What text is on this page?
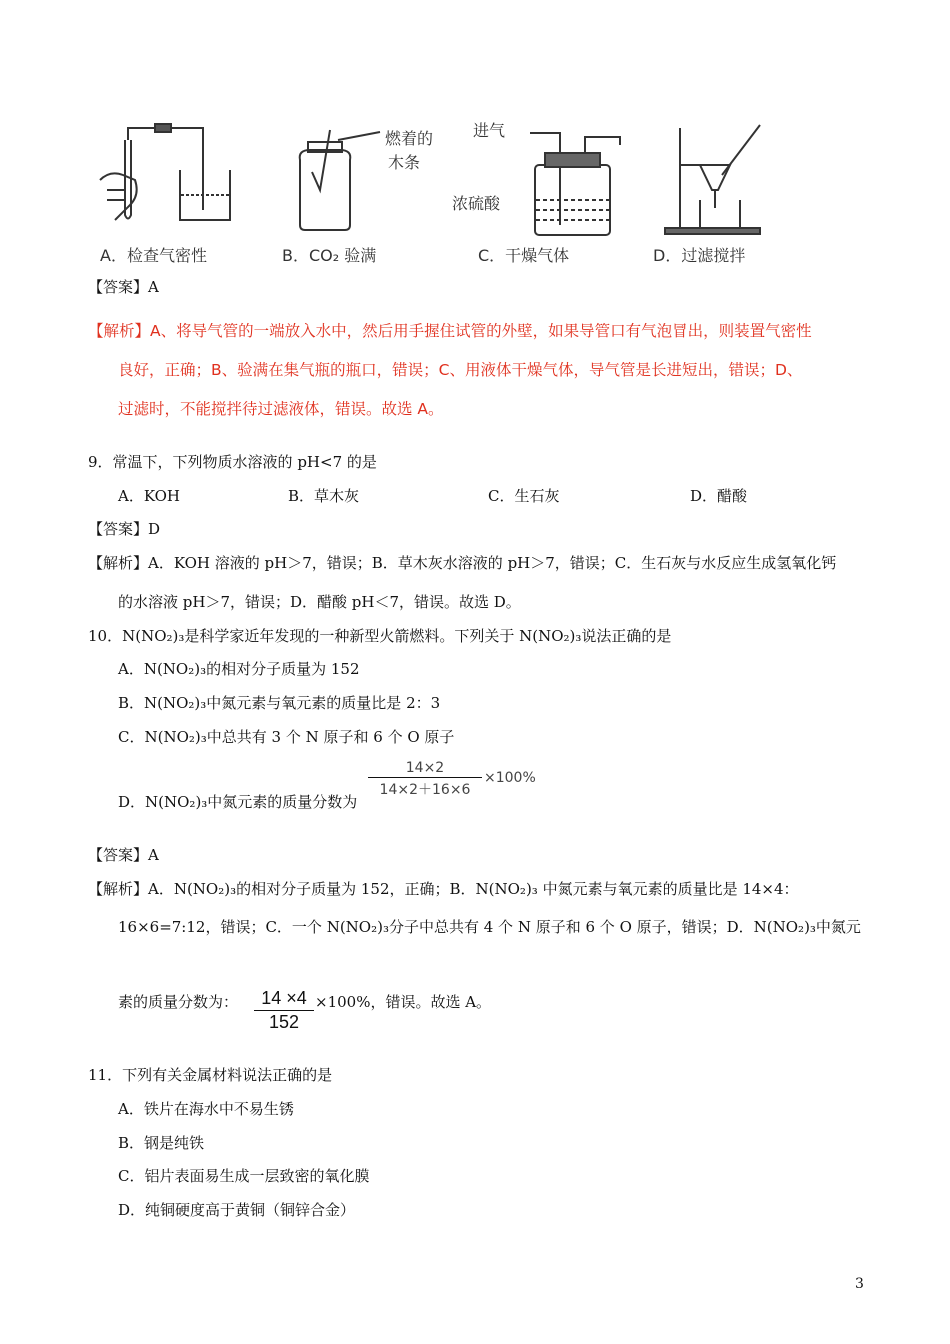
A．检查气密性
燃着的
木条
B．CO₂ 验满
进气
浓硫酸
C．干燥气体	D．过滤搅拌
【答案】A
【解析】A、将导气管的一端放入水中，然后用手握住试管的外壁，如果导管口有气泡冒出，则装置气密性
良好，正确；B、验满在集气瓶的瓶口，错误；C、用液体干燥气体，导气管是长进短出，错误；D、
过滤时，不能搅拌待过滤液体，错误。故选 A。
9．常温下，下列物质水溶液的 pH<7 的是
A．KOH	B．草木灰	C．生石灰	D．醋酸
【答案】D
【解析】A．KOH 溶液的 pH＞7，错误；B．草木灰水溶液的 pH＞7，错误；C．生石灰与水反应生成氢氧化钙
的水溶液 pH＞7，错误；D．醋酸 pH＜7，错误。故选 D。
10．N(NO₂)₃是科学家近年发现的一种新型火箭燃料。下列关于 N(NO₂)₃说法正确的是
A．N(NO₂)₃的相对分子质量为 152
B．N(NO₂)₃中氮元素与氧元素的质量比是 2：3
C．N(NO₂)₃中总共有 3 个 N 原子和 6 个 O 原子
D．N(NO₂)₃中氮元素的质量分数为
14×2
14×2＋16×6
×100%
【答案】A
【解析】A．N(NO₂)₃的相对分子质量为 152，正确；B．N(NO₂)₃ 中氮元素与氧元素的质量比是 14×4：
16×6=7:12，错误；C．一个 N(NO₂)₃分子中总共有 4 个 N 原子和 6 个 O 原子，错误；D．N(NO₂)₃中氮元
素的质量分数为：	14 ×4
152
×100%，错误。故选 A。
11．下列有关金属材料说法正确的是
A．铁片在海水中不易生锈
B．钢是纯铁
C．铝片表面易生成一层致密的氧化膜
D．纯铜硬度高于黄铜（铜锌合金）
3
